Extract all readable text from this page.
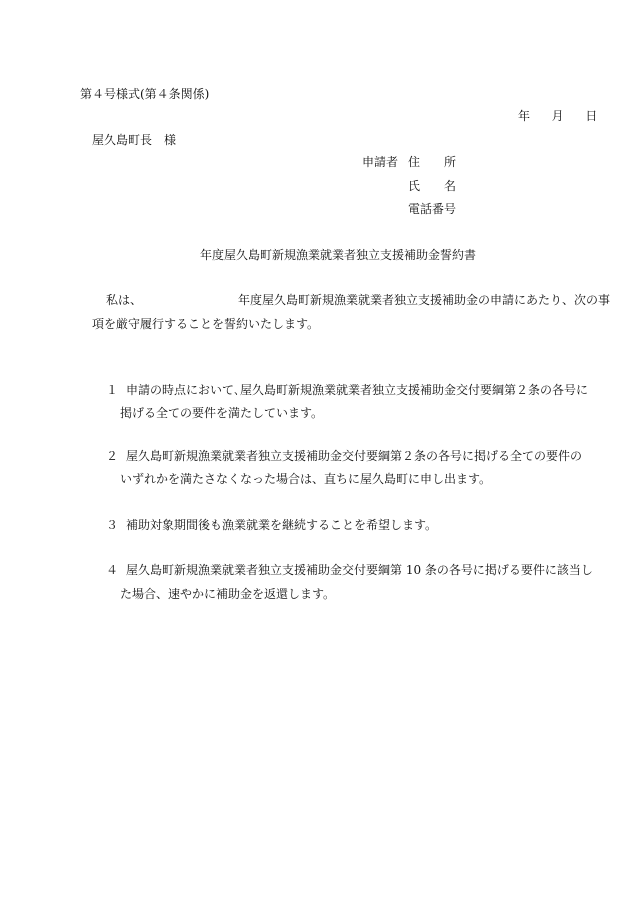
第４号様式(第４条関係)
年 月 日
屋久島町長　様
申請者 住　　所
氏　　名
電話番号
年度屋久島町新規漁業就業者独立支援補助金誓約書
私は、	年度屋久島町新規漁業就業者独立支援補助金の申請にあたり、次の事
項を厳守履行することを誓約いたします。
１ 申請の時点において､屋久島町新規漁業就業者独立支援補助金交付要綱第２条の各号に
掲げる全ての要件を満たしています。
２ 屋久島町新規漁業就業者独立支援補助金交付要綱第２条の各号に掲げる全ての要件の
いずれかを満たさなくなった場合は、直ちに屋久島町に申し出ます。
３ 補助対象期間後も漁業就業を継続することを希望します。
４ 屋久島町新規漁業就業者独立支援補助金交付要綱第 10 条の各号に掲げる要件に該当し
た場合、速やかに補助金を返還します。
